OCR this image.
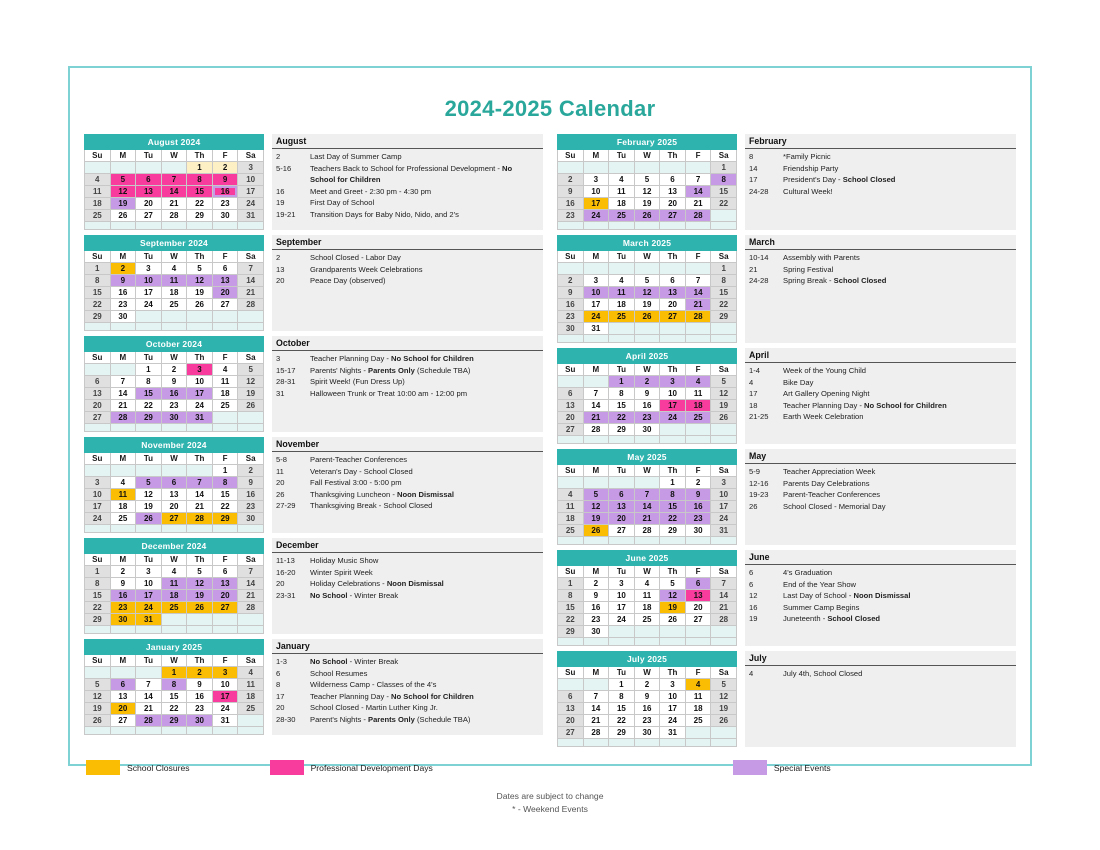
2024-2025 Calendar
August 2024						
Su	M	Tu	W	Th	F	Sa
				1	2	3
4	5	6	7	8	9	10
11	12	13	14	15	16	17
18	19	20	21	22	23	24
25	26	27	28	29	30	31

August
2	Last Day of Summer Camp
5-16	Teachers Back to School for Professional Development - No School for Children
16	Meet and Greet - 2:30 pm - 4:30 pm
19	First Day of School
19-21	Transition Days for Baby Nido, Nido, and 2's
September 2024						
Su	M	Tu	W	Th	F	Sa
1	2	3	4	5	6	7
8	9	10	11	12	13	14
15	16	17	18	19	20	21
22	23	24	25	26	27	28
29	30					

September
2	School Closed - Labor Day
13	Grandparents Week Celebrations
20	Peace Day (observed)
October 2024						
Su	M	Tu	W	Th	F	Sa
		1	2	3	4	5
6	7	8	9	10	11	12
13	14	15	16	17	18	19
20	21	22	23	24	25	26
27	28	29	30	31		

October
3	Teacher Planning Day - No School for Children
15-17	Parents' Nights - Parents Only (Schedule TBA)
28-31	Spirit Week! (Fun Dress Up)
31	Halloween Trunk or Treat 10:00 am - 12:00 pm
November 2024						
Su	M	Tu	W	Th	F	Sa
					1	2
3	4	5	6	7	8	9
10	11	12	13	14	15	16
17	18	19	20	21	22	23
24	25	26	27	28	29	30

November
5-8	Parent-Teacher Conferences
11	Veteran's Day - School Closed
20	Fall Festival 3:00 - 5:00 pm
26	Thanksgiving Luncheon - Noon Dismissal
27-29	Thanksgiving Break - School Closed
December 2024						
Su	M	Tu	W	Th	F	Sa
1	2	3	4	5	6	7
8	9	10	11	12	13	14
15	16	17	18	19	20	21
22	23	24	25	26	27	28
29	30	31				

December
11-13	Holiday Music Show
16-20	Winter Spirit Week
20	Holiday Celebrations - Noon Dismissal
23-31	No School - Winter Break
January 2025						
Su	M	Tu	W	Th	F	Sa
			1	2	3	4
5	6	7	8	9	10	11
12	13	14	15	16	17	18
19	20	21	22	23	24	25
26	27	28	29	30	31	

January
1-3	No School - Winter Break
6	School Resumes
8	Wilderness Camp - Classes of the 4's
17	Teacher Planning Day - No School for Children
20	School Closed - Martin Luther King Jr.
28-30	Parent's Nights - Parents Only (Schedule TBA)
February 2025						
Su	M	Tu	W	Th	F	Sa
						1
2	3	4	5	6	7	8
9	10	11	12	13	14	15
16	17	18	19	20	21	22
23	24	25	26	27	28	

February
8	*Family Picnic
14	Friendship Party
17	President's Day - School Closed
24-28	Cultural Week!
March 2025						
Su	M	Tu	W	Th	F	Sa
						1
2	3	4	5	6	7	8
9	10	11	12	13	14	15
16	17	18	19	20	21	22
23	24	25	26	27	28	29
30	31					

March
10-14	Assembly with Parents
21	Spring Festival
24-28	Spring Break - School Closed
April 2025						
Su	M	Tu	W	Th	F	Sa
		1	2	3	4	5
6	7	8	9	10	11	12
13	14	15	16	17	18	19
20	21	22	23	24	25	26
27	28	29	30			

April
1-4	Week of the Young Child
4	Bike Day
17	Art Gallery Opening Night
18	Teacher Planning Day - No School for Children
21-25	Earth Week Celebration
May 2025						
Su	M	Tu	W	Th	F	Sa
				1	2	3
4	5	6	7	8	9	10
11	12	13	14	15	16	17
18	19	20	21	22	23	24
25	26	27	28	29	30	31

May
5-9	Teacher Appreciation Week
12-16	Parents Day Celebrations
19-23	Parent-Teacher Conferences
26	School Closed - Memorial Day
June 2025						
Su	M	Tu	W	Th	F	Sa
1	2	3	4	5	6	7
8	9	10	11	12	13	14
15	16	17	18	19	20	21
22	23	24	25	26	27	28
29	30					

June
6	4's Graduation
6	End of the Year Show
12	Last Day of School - Noon Dismissal
16	Summer Camp Begins
19	Juneteenth - School Closed
July 2025						
Su	M	Tu	W	Th	F	Sa
		1	2	3	4	5
6	7	8	9	10	11	12
13	14	15	16	17	18	19
20	21	22	23	24	25	26
27	28	29	30	31		

July
4	July 4th, School Closed
School Closures	Professional Development Days	Special Events
Dates are subject to change
* - Weekend Events
